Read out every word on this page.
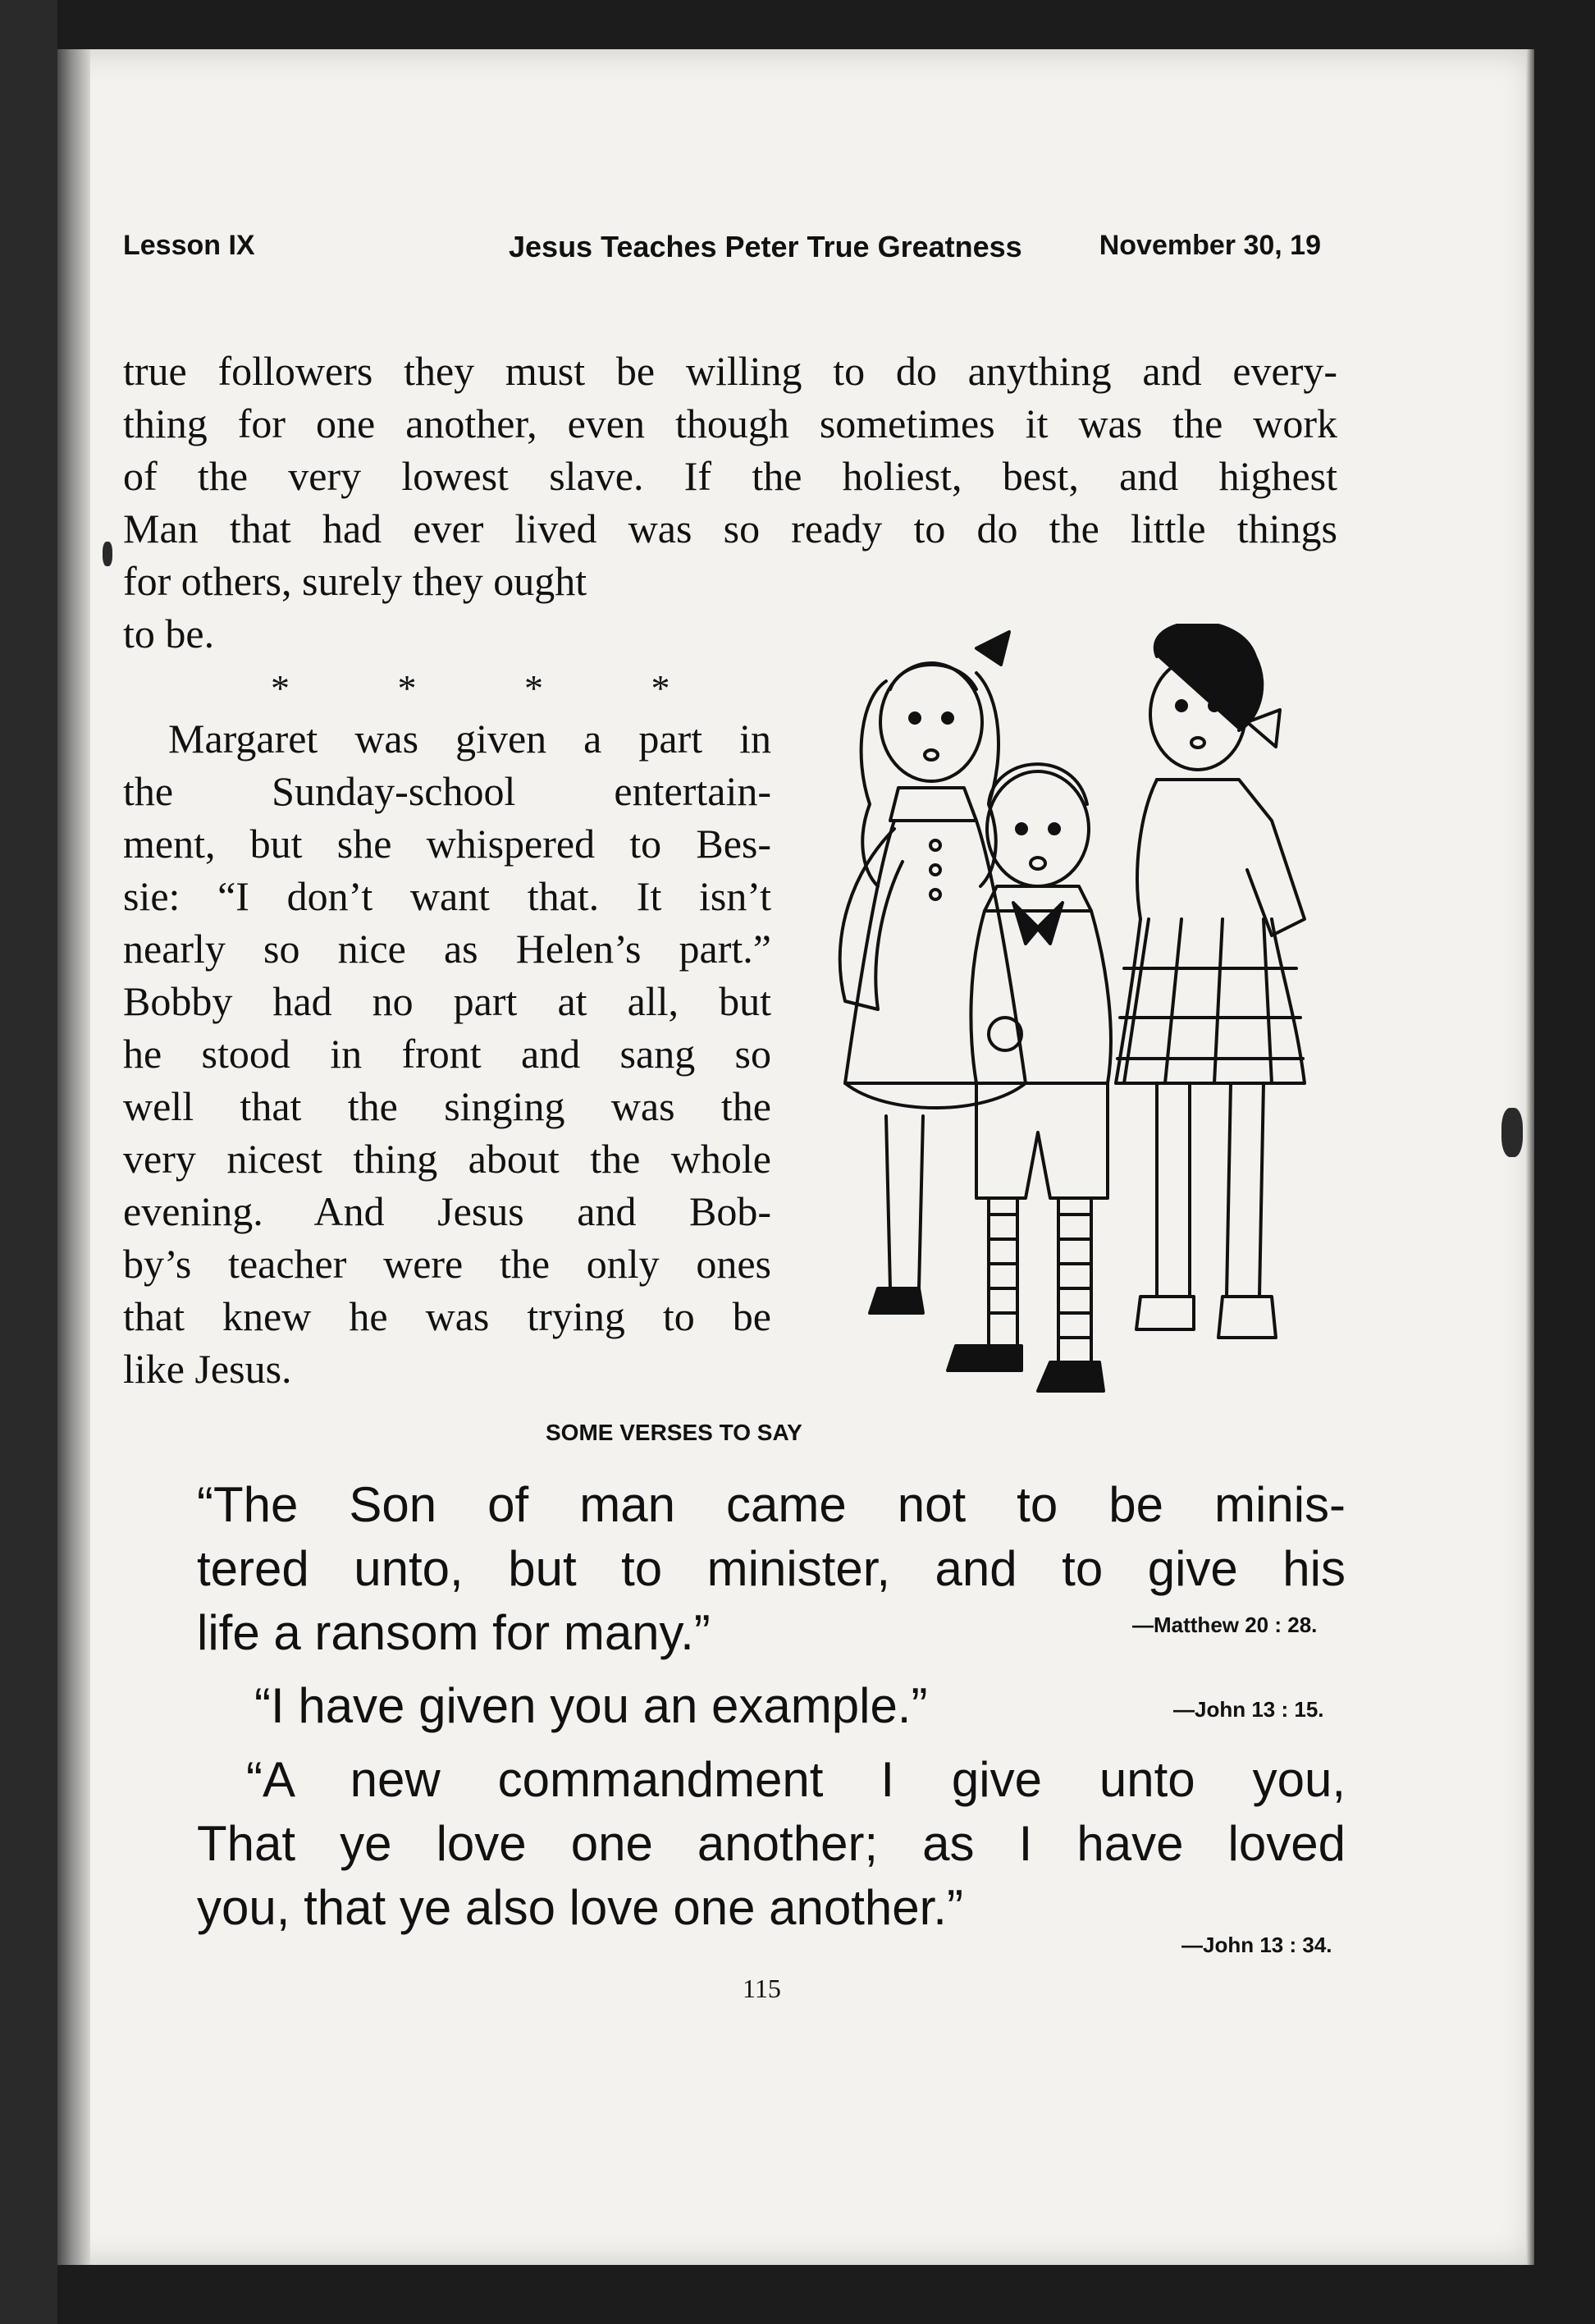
Lesson IX	Jesus Teaches Peter True Greatness	November 30, 19
true followers they must be willing to do anything and every-
thing for one another, even though sometimes it was the work
of the very lowest slave. If the holiest, best, and highest
Man that had ever lived was so ready to do the little things
for others, surely they ought
to be.
Margaret was given a part in
the Sunday-school entertain-
ment, but she whispered to Bes-
sie: “I don’t want that. It isn’t
nearly so nice as Helen’s part.”
Bobby had no part at all, but
he stood in front and sang so
well that the singing was the
very nicest thing about the whole
evening. And Jesus and Bob-
by’s teacher were the only ones
that knew he was trying to be
like Jesus.
* * * *
SOME VERSES TO SAY
“The Son of man came not to be minis-
tered unto, but to minister, and to give his
life a ransom for many.”	—Matthew 20 : 28.
“I have given you an example.”	—John 13 : 15.
“A new commandment I give unto you,
That ye love one another; as I have loved
you, that ye also love one another.”
—John 13 : 34.
115
